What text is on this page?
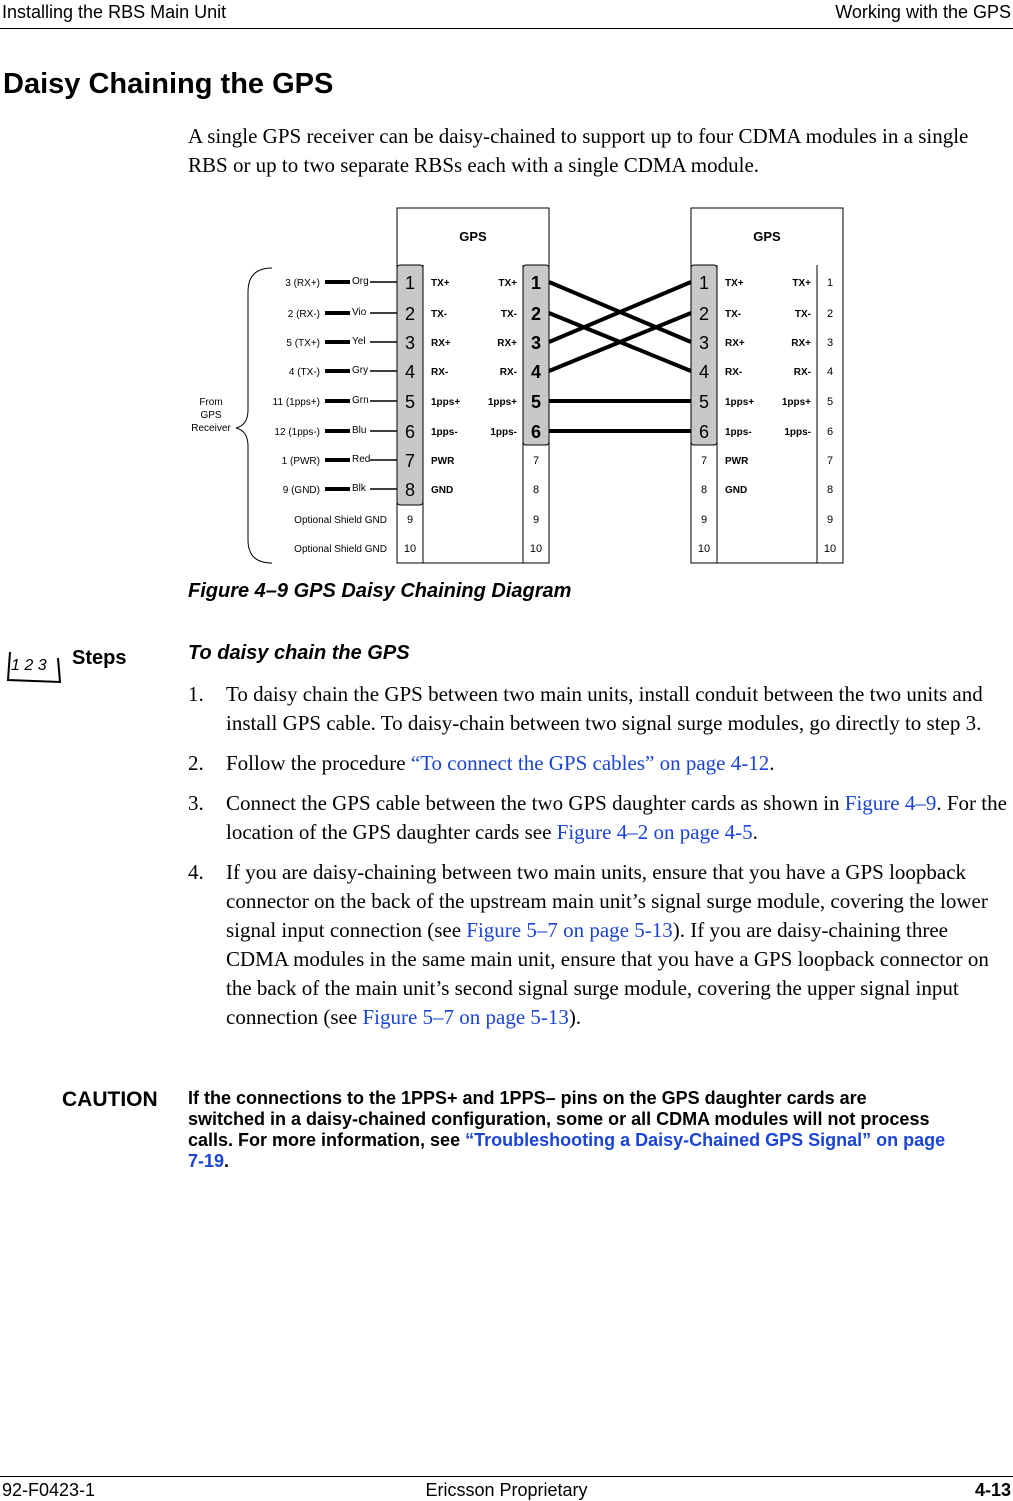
Installing the RBS Main Unit	Working with the GPS
Daisy Chaining the GPS

A single GPS receiver can be daisy-chained to support up to four CDMA modules in a single RBS or up to two separate RBSs each with a single CDMA module.

GPS	GPS
1	1	1	1
2	2	2	2
3	3	3	3
4	4	4	4
5	5	5	5
6	6	6	6
7	7	7	7
8	8	8	8
9	9	9	9
10	10	10	10
TX+	TX+
TX-	TX-
RX+	RX+
RX-	RX-
1pps+	1pps+
1pps-	1pps-
PWR	PWR
GND	GND
TX+	TX+
TX-	TX-
RX+	RX+
RX-	RX-
1pps+	1pps+
1pps-	1pps-
3 (RX+)	Org
2 (RX-)	Vio
5 (TX+)	Yel
4 (TX-)	Gry
11 (1pps+)	Grn
12 (1pps-)	Blu
1 (PWR)	Red
9 (GND)	Blk
Optional Shield GND
Optional Shield GND
From
GPS
Receiver
Figure 4–9 GPS Daisy Chaining Diagram
1 2 3 Steps	To daisy chain the GPS
1. To daisy chain the GPS between two main units, install conduit between the two units and install GPS cable. To daisy-chain between two signal surge modules, go directly to step 3.
2. Follow the procedure “To connect the GPS cables” on page 4-12.
3. Connect the GPS cable between the two GPS daughter cards as shown in Figure 4–9. For the location of the GPS daughter cards see Figure 4–2 on page 4-5.
4. If you are daisy-chaining between two main units, ensure that you have a GPS loopback connector on the back of the upstream main unit’s signal surge module, covering the lower signal input connection (see Figure 5–7 on page 5-13). If you are daisy-chaining three CDMA modules in the same main unit, ensure that you have a GPS loopback connector on the back of the main unit’s second signal surge module, covering the upper signal input connection (see Figure 5–7 on page 5-13).
CAUTION If the connections to the 1PPS+ and 1PPS– pins on the GPS daughter cards are switched in a daisy-chained configuration, some or all CDMA modules will not process calls. For more information, see “Troubleshooting a Daisy-Chained GPS Signal” on page 7-19.

92-F0423-1	Ericsson Proprietary	4-13
